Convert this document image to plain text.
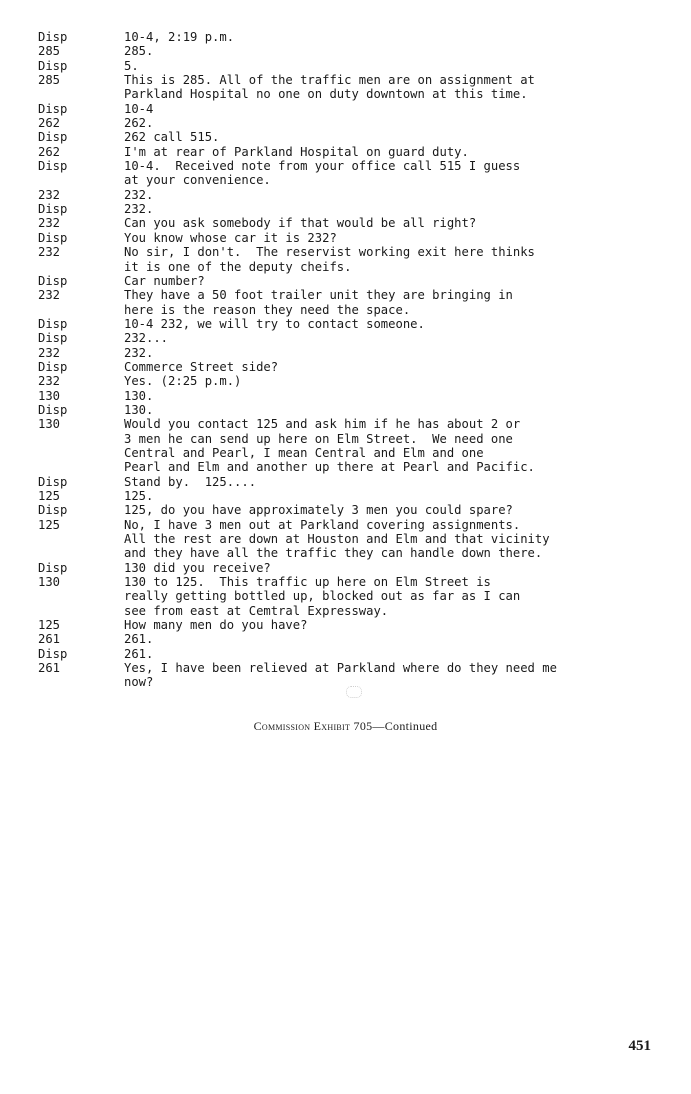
Disp	10-4, 2:19 p.m.
285	285.
Disp	5.
285	This is 285. All of the traffic men are on assignment at
Parkland Hospital no one on duty downtown at this time.
Disp	10-4
262	262.
Disp	262 call 515.
262	I'm at rear of Parkland Hospital on guard duty.
Disp	10-4.  Received note from your office call 515 I guess
at your convenience.
232	232.
Disp	232.
232	Can you ask somebody if that would be all right?
Disp	You know whose car it is 232?
232	No sir, I don't.  The reservist working exit here thinks
it is one of the deputy cheifs.
Disp	Car number?
232	They have a 50 foot trailer unit they are bringing in
here is the reason they need the space.
Disp	10-4 232, we will try to contact someone.
Disp	232...
232	232.
Disp	Commerce Street side?
232	Yes. (2:25 p.m.)
130	130.
Disp	130.
130	Would you contact 125 and ask him if he has about 2 or
3 men he can send up here on Elm Street.  We need one
Central and Pearl, I mean Central and Elm and one
Pearl and Elm and another up there at Pearl and Pacific.
Disp	Stand by.  125....
125	125.
Disp	125, do you have approximately 3 men you could spare?
125	No, I have 3 men out at Parkland covering assignments.
All the rest are down at Houston and Elm and that vicinity
and they have all the traffic they can handle down there.
Disp	130 did you receive?
130	130 to 125.  This traffic up here on Elm Street is
really getting bottled up, blocked out as far as I can
see from east at Cemtral Expressway.
125	How many men do you have?
261	261.
Disp	261.
261	Yes, I have been relieved at Parkland where do they need me
now?
Commission Exhibit 705—Continued
451
